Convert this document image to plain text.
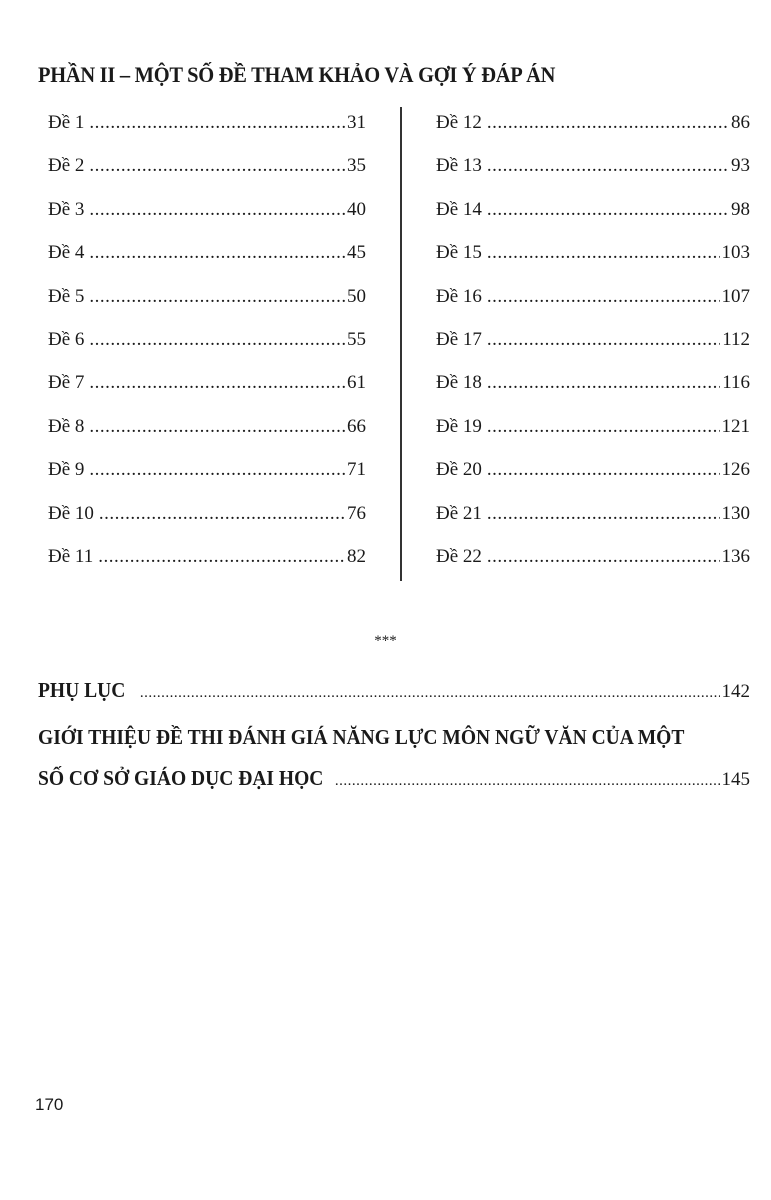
PHẦN II – MỘT SỐ ĐỀ THAM KHẢO VÀ GỢI Ý ĐÁP ÁN
Đề 1 .....	31
Đề 2 .....	35
Đề 3 .....	40
Đề 4 .....	45
Đề 5 .....	50
Đề 6 .....	55
Đề 7 .....	61
Đề 8 .....	66
Đề 9 .....	71
Đề 10 .....	76
Đề 11 .....	82
Đề 12 .....	86
Đề 13 .....	93
Đề 14 .....	98
Đề 15 .....	103
Đề 16 .....	107
Đề 17 .....	112
Đề 18 .....	116
Đề 19 .....	121
Đề 20 .....	126
Đề 21 .....	130
Đề 22 .....	136
***
PHỤ LỤC .....	142
GIỚI THIỆU ĐỀ THI ĐÁNH GIÁ NĂNG LỰC MÔN NGỮ VĂN CỦA MỘT
SỐ CƠ SỞ GIÁO DỤC ĐẠI HỌC .....	145
170
